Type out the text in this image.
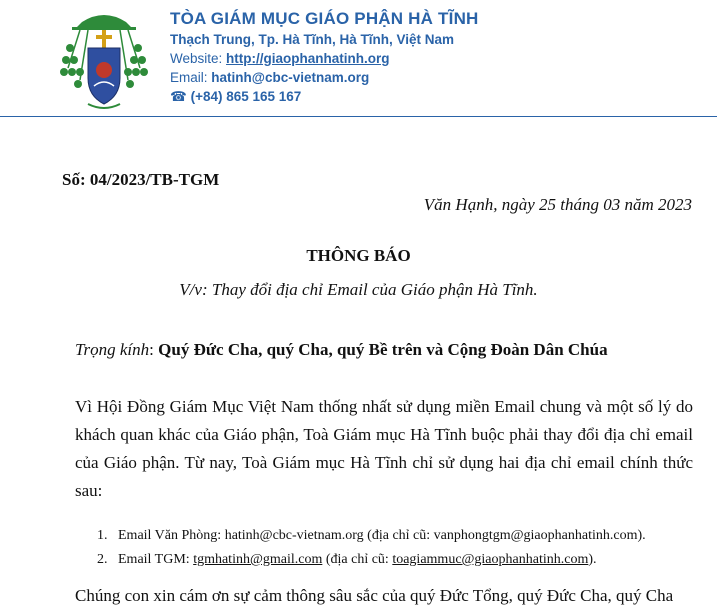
TÒA GIÁM MỤC GIÁO PHẬN HÀ TĨNH
Thạch Trung, Tp. Hà Tĩnh, Hà Tĩnh, Việt Nam
Website: http://giaophanhatinh.org
Email: hatinh@cbc-vietnam.org
☎ (+84) 865 165 167
Số: 04/2023/TB-TGM
Văn Hạnh, ngày 25 tháng 03 năm 2023
THÔNG BÁO
V/v: Thay đổi địa chỉ Email của Giáo phận Hà Tĩnh.
Trọng kính: Quý Đức Cha, quý Cha, quý Bề trên và Cộng Đoàn Dân Chúa

Vì Hội Đồng Giám Mục Việt Nam thống nhất sử dụng miền Email chung và một số lý do khách quan khác của Giáo phận, Toà Giám mục Hà Tĩnh buộc phải thay đổi địa chỉ email của Giáo phận. Từ nay, Toà Giám mục Hà Tĩnh chỉ sử dụng hai địa chỉ email chính thức sau:

1. Email Văn Phòng: hatinh@cbc-vietnam.org (địa chỉ cũ: vanphongtgm@giaophanhatinh.com).
2. Email TGM: tgmhatinh@gmail.com (địa chỉ cũ: toagiammuc@giaophanhatinh.com).
Chúng con xin cám ơn sự cảm thông sâu sắc của quý Đức Tổng, quý Đức Cha, quý Cha
